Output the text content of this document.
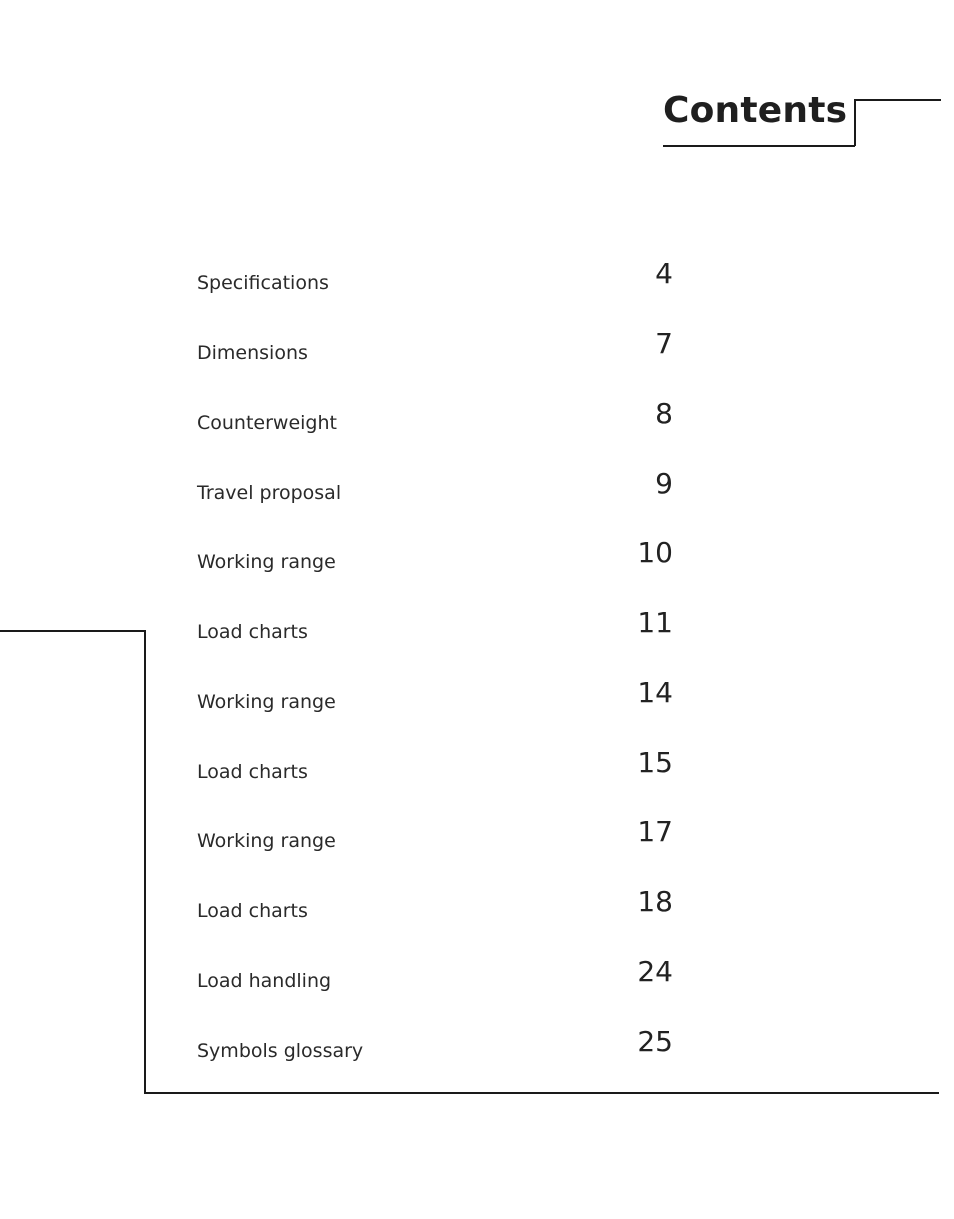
Contents
Specifications	4
Dimensions	7
Counterweight	8
Travel proposal	9
Working range	10
Load charts	11
Working range	14
Load charts	15
Working range	17
Load charts	18
Load handling	24
Symbols glossary	25
